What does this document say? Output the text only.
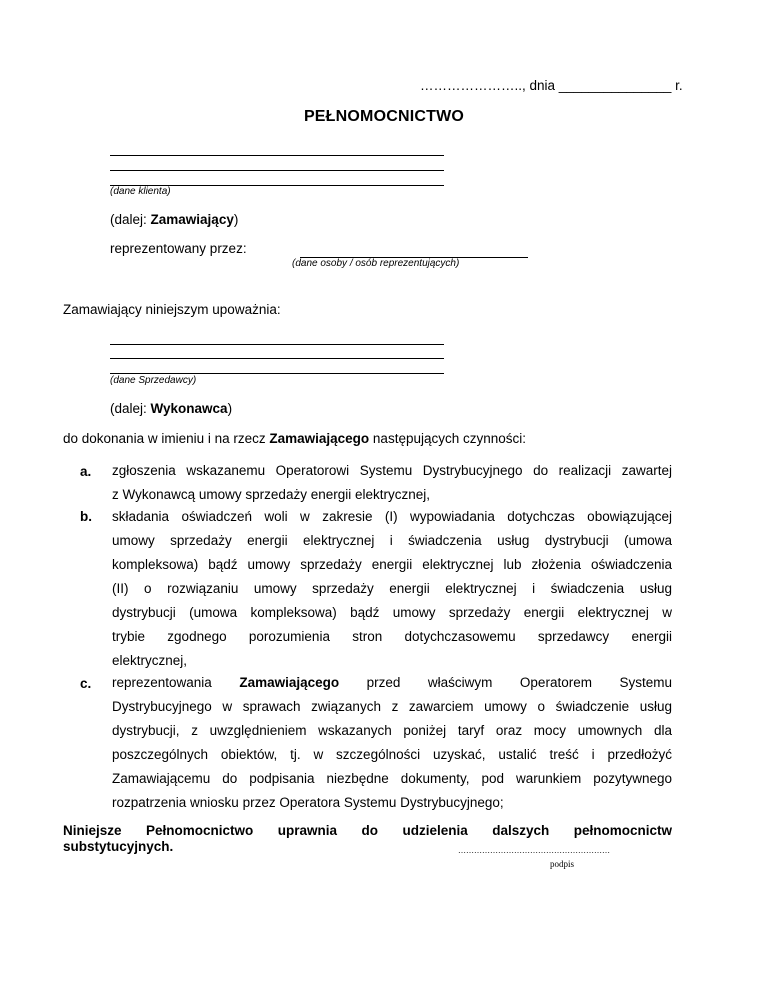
………………….., dnia _______________ r.
PEŁNOMOCNICTWO
(dane klienta)
(dalej: Zamawiający)
reprezentowany przez:
(dane osoby / osób reprezentujących)
Zamawiający niniejszym upoważnia:
(dane Sprzedawcy)
(dalej: Wykonawca)
do dokonania w imieniu i na rzecz Zamawiającego następujących czynności:
a. zgłoszenia wskazanemu Operatorowi Systemu Dystrybucyjnego do realizacji zawartej
z Wykonawcą umowy sprzedaży energii elektrycznej,
b. składania oświadczeń woli w zakresie (I) wypowiadania dotychczas obowiązującej
umowy sprzedaży energii elektrycznej i świadczenia usług dystrybucji (umowa
kompleksowa) bądź umowy sprzedaży energii elektrycznej lub złożenia oświadczenia
(II) o rozwiązaniu umowy sprzedaży energii elektrycznej i świadczenia usług
dystrybucji (umowa kompleksowa) bądź umowy sprzedaży energii elektrycznej w
trybie zgodnego porozumienia stron dotychczasowemu sprzedawcy energii
elektrycznej,
c. reprezentowania Zamawiającego przed właściwym Operatorem Systemu
Dystrybucyjnego w sprawach związanych z zawarciem umowy o świadczenie usług
dystrybucji, z uwzględnieniem wskazanych poniżej taryf oraz mocy umownych dla
poszczególnych obiektów, tj. w szczególności uzyskać, ustalić treść i przedłożyć
Zamawiającemu do podpisania niezbędne dokumenty, pod warunkiem pozytywnego
rozpatrzenia wniosku przez Operatora Systemu Dystrybucyjnego;
Niniejsze Pełnomocnictwo uprawnia do udzielenia dalszych pełnomocnictw
substytucyjnych.	…………………………………………………
podpis
